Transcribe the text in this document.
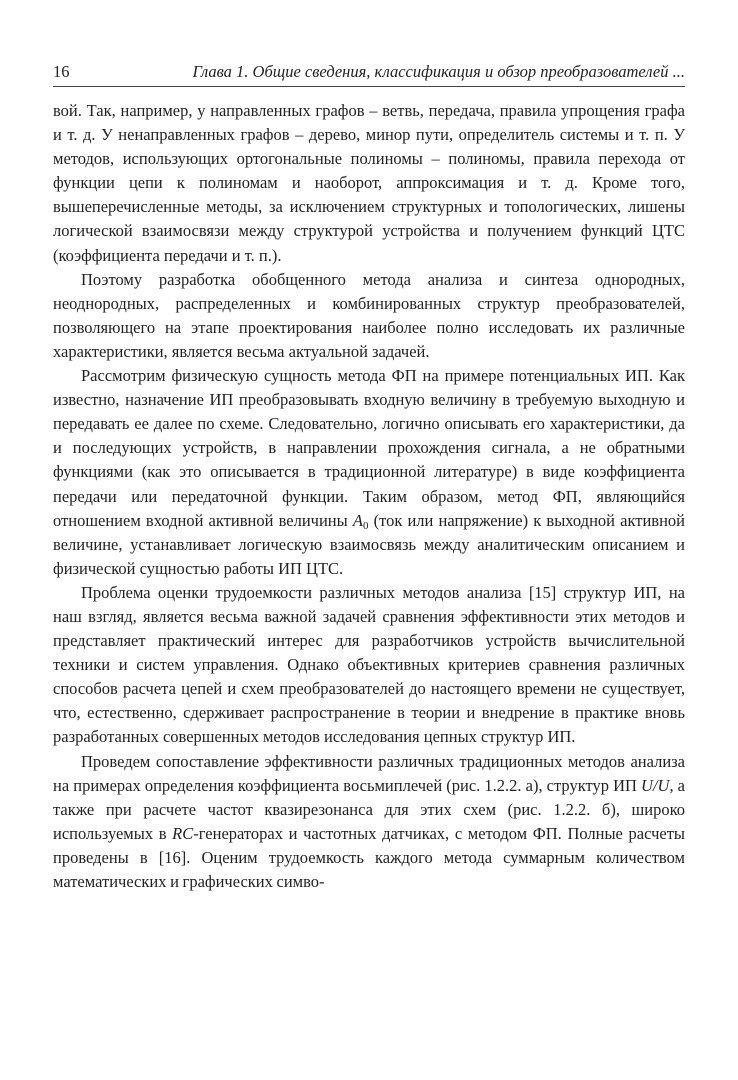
16	Глава 1. Общие сведения, классификация и обзор преобразователей ...

вой. Так, например, у направленных графов – ветвь, передача, правила упрощения графа и т. д. У ненаправленных графов – дерево, минор пути, определитель системы и т. п. У методов, использующих ортогональные полиномы – полиномы, правила перехода от функции цепи к полиномам и наоборот, аппроксимация и т. д. Кроме того, вышеперечисленные методы, за исключением структурных и топологических, лишены логической взаимосвязи между структурой устройства и получением функций ЦТС (коэффициента передачи и т. п.).

Поэтому разработка обобщенного метода анализа и синтеза однородных, неоднородных, распределенных и комбинированных структур преобразователей, позволяющего на этапе проектирования наиболее полно исследовать их различные характеристики, является весьма актуальной задачей.

Рассмотрим физическую сущность метода ФП на примере потенциальных ИП. Как известно, назначение ИП преобразовывать входную величину в требуемую выходную и передавать ее далее по схеме. Следовательно, логично описывать его характеристики, да и последующих устройств, в направлении прохождения сигнала, а не обратными функциями (как это описывается в традиционной литературе) в виде коэффициента передачи или передаточной функции. Таким образом, метод ФП, являющийся отношением входной активной величины $A_0$ (ток или напряжение) к выходной активной величине, устанавливает логическую взаимосвязь между аналитическим описанием и физической сущностью работы ИП ЦТС.

Проблема оценки трудоемкости различных методов анализа [15] структур ИП, на наш взгляд, является весьма важной задачей сравнения эффективности этих методов и представляет практический интерес для разработчиков устройств вычислительной техники и систем управления. Однако объективных критериев сравнения различных способов расчета цепей и схем преобразователей до настоящего времени не существует, что, естественно, сдерживает распространение в теории и внедрение в практике вновь разработанных совершенных методов исследования цепных структур ИП.

Проведем сопоставление эффективности различных традиционных методов анализа на примерах определения коэффициента восьмиплечей (рис. 1.2.2. а), структур ИП U/U, а также при расчете частот квазирезонанса для этих схем (рис. 1.2.2. б), широко используемых в RC-генераторах и частотных датчиках, с методом ФП. Полные расчеты проведены в [16]. Оценим трудоемкость каждого метода суммарным количеством математических и графических симво-
